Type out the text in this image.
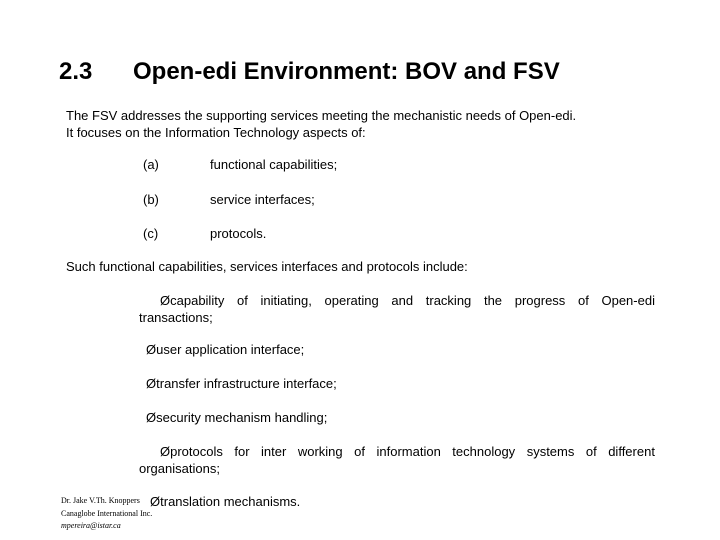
2.3 Open-edi Environment: BOV and FSV
The FSV addresses the supporting services meeting the mechanistic needs of Open-edi.
It focuses on the Information Technology aspects of:
(a)	functional capabilities;
(b)	service interfaces;
(c)	protocols.
Such functional capabilities, services interfaces and protocols include:
Øcapability of initiating, operating and tracking the progress of Open-edi
transactions;
Øuser application interface;
Øtransfer infrastructure interface;
Øsecurity mechanism handling;
Øprotocols for inter working of information technology systems of different
organisations;
Øtranslation mechanisms.
Dr. Jake V.Th. Knoppers
Canaglobe International Inc.
mpereira@istar.ca
